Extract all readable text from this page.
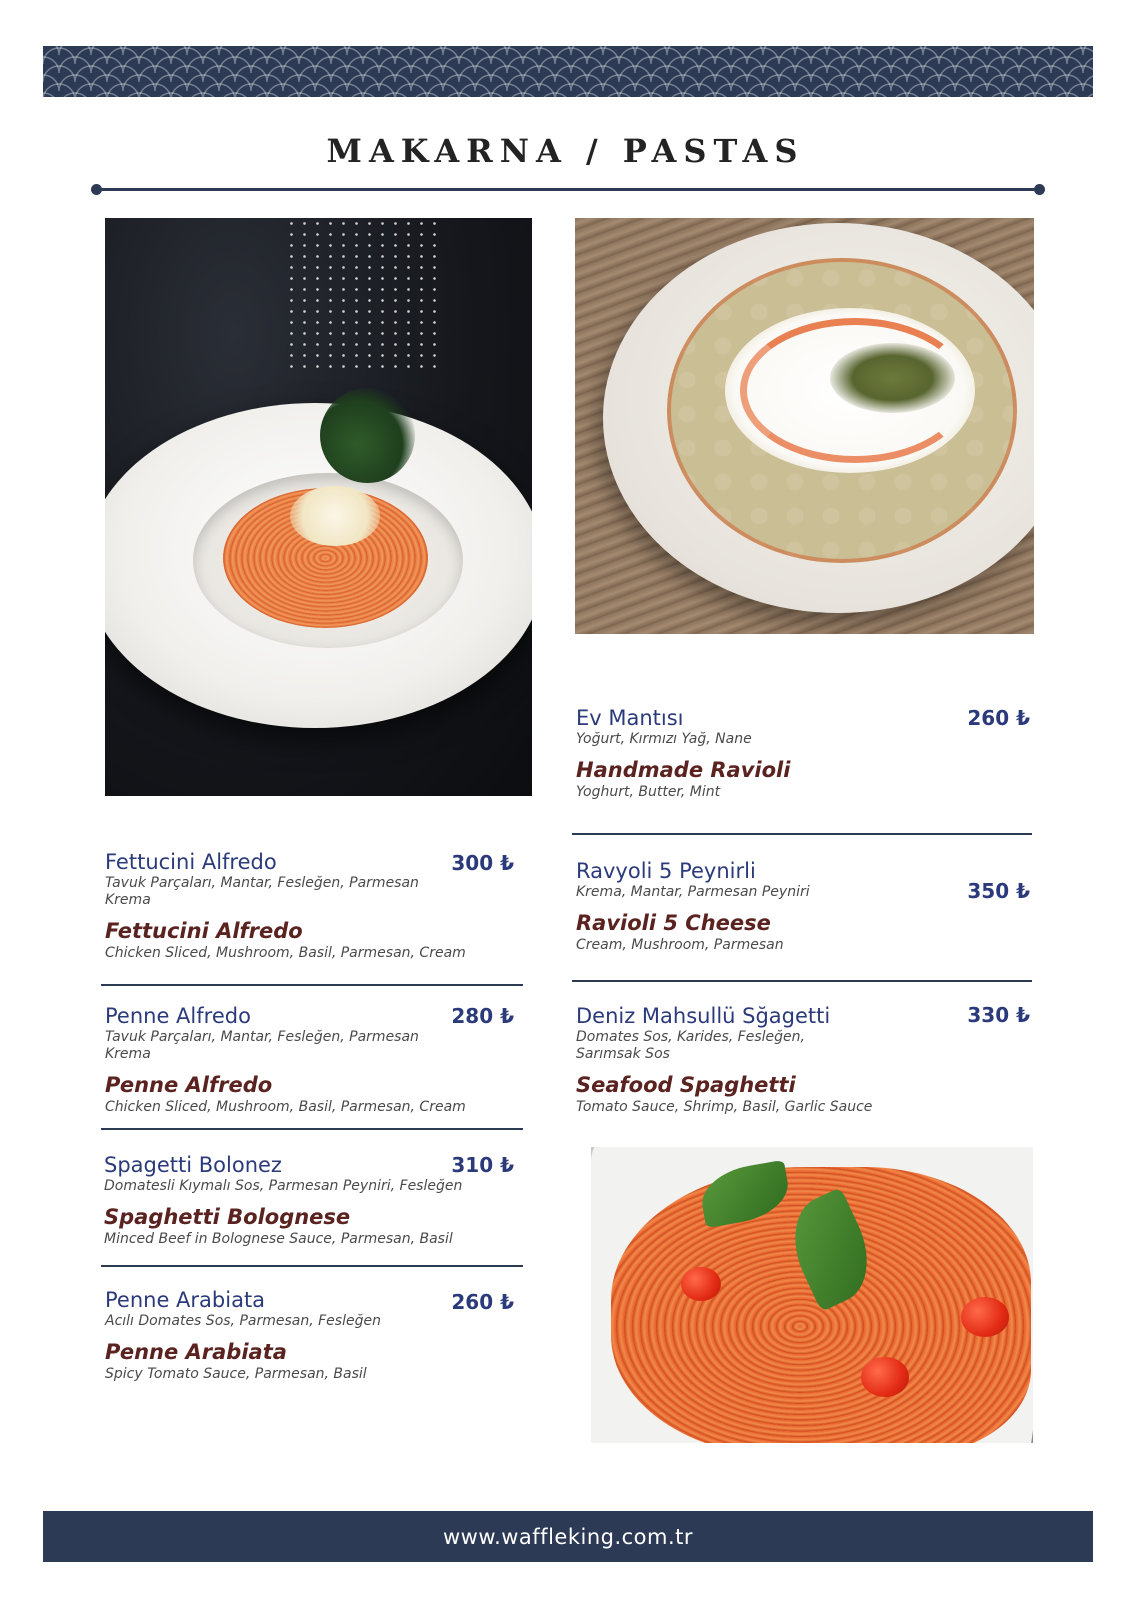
MAKARNA / PASTAS
Fettucini Alfredo
Tavuk Parçaları, Mantar, Fesleğen, Parmesan Krema
Fettucini Alfredo
Chicken Sliced, Mushroom, Basil, Parmesan, Cream
300 ₺
Penne Alfredo
Tavuk Parçaları, Mantar, Fesleğen, Parmesan Krema
Penne Alfredo
Chicken Sliced, Mushroom, Basil, Parmesan, Cream
280 ₺
Spagetti Bolonez
Domatesli Kıymalı Sos, Parmesan Peyniri, Fesleğen
Spaghetti Bolognese
Minced Beef in Bolognese Sauce, Parmesan, Basil
310 ₺
Penne Arabiata
Acılı Domates Sos, Parmesan, Fesleğen
Penne Arabiata
Spicy Tomato Sauce, Parmesan, Basil
260 ₺
Ev Mantısı
Yoğurt, Kırmızı Yağ, Nane
Handmade Ravioli
Yoghurt, Butter, Mint
260 ₺
Ravyoli 5 Peynirli
Krema, Mantar, Parmesan Peyniri
Ravioli 5 Cheese
Cream, Mushroom, Parmesan
350 ₺
Deniz Mahsullü Sğagetti
Domates Sos, Karides, Fesleğen, Sarımsak Sos
Seafood Spaghetti
Tomato Sauce, Shrimp, Basil, Garlic Sauce
330 ₺
www.waffleking.com.tr
